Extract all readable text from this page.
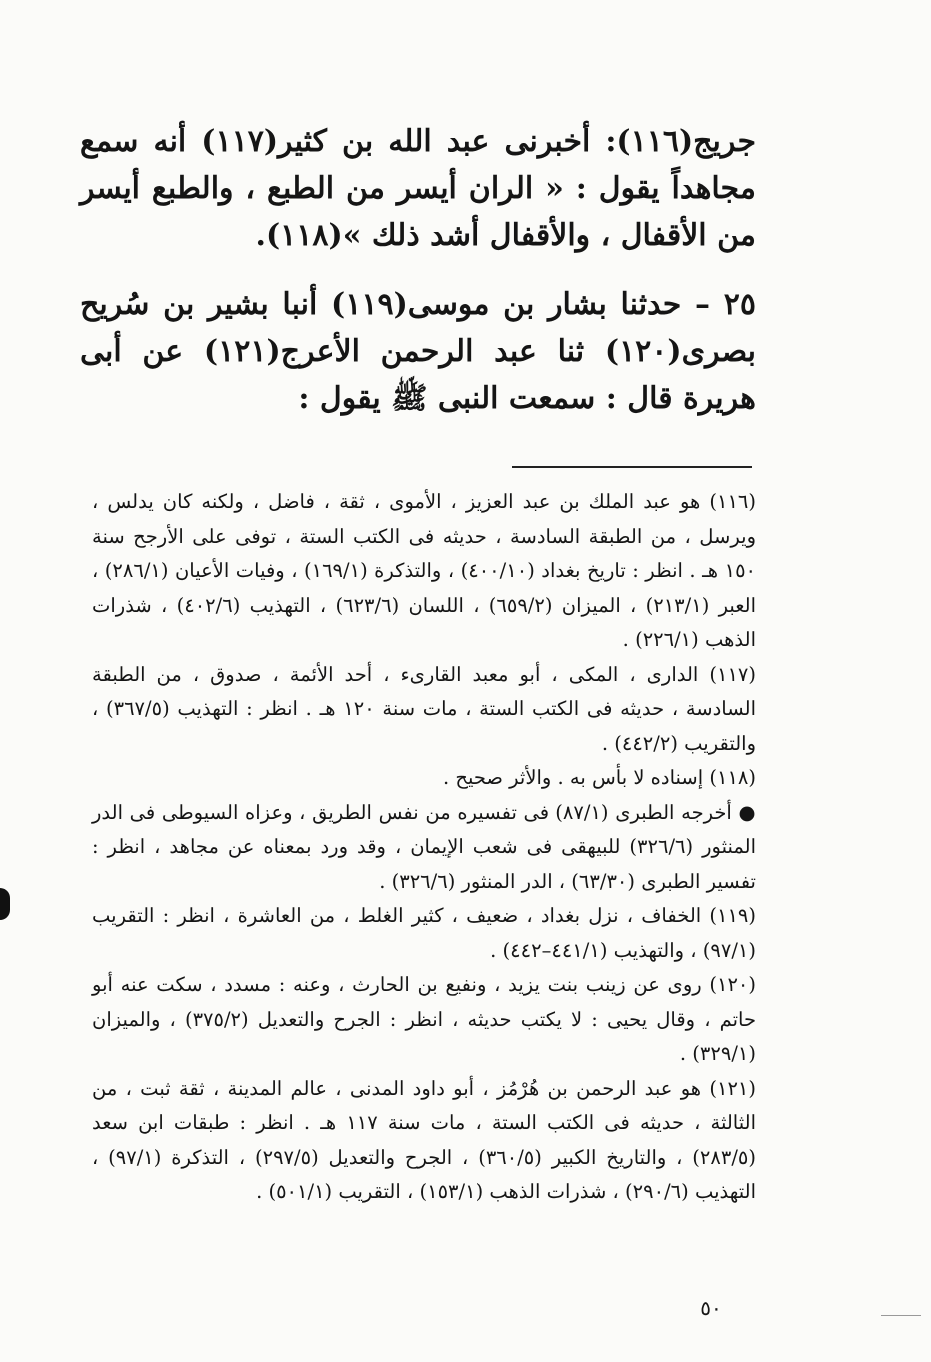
جريج(١١٦): أخبرنى عبد الله بن كثير(١١٧) أنه سمع مجاهداً يقول : « الران أيسر من الطبع ، والطبع أيسر من الأقفال ، والأقفال أشد ذلك »(١١٨).

٢٥ – حدثنا بشار بن موسى(١١٩) أنبا بشير بن سُريح بصرى(١٢٠) ثنا عبد الرحمن الأعرج(١٢١) عن أبى هريرة قال : سمعت النبى ﷺ يقول :

(١١٦) هو عبد الملك بن عبد العزيز ، الأموى ، ثقة ، فاضل ، ولكنه كان يدلس ، ويرسل ، من الطبقة السادسة ، حديثه فى الكتب الستة ، توفى على الأرجح سنة ١٥٠ هـ . انظر : تاريخ بغداد (٤٠٠/١٠) ، والتذكرة (١٦٩/١) ، وفيات الأعيان (٢٨٦/١) ، العبر (٢١٣/١) ، الميزان (٦٥٩/٢) ، اللسان (٦٢٣/٦) ، التهذيب (٤٠٢/٦) ، شذرات الذهب (٢٢٦/١) .

(١١٧) الدارى ، المكى ، أبو معبد القارىء ، أحد الأئمة ، صدوق ، من الطبقة السادسة ، حديثه فى الكتب الستة ، مات سنة ١٢٠ هـ . انظر : التهذيب (٣٦٧/٥) ، والتقريب (٤٤٢/٢) .

(١١٨) إسناده لا بأس به . والأثر صحيح .

● أخرجه الطبرى (٨٧/١) فى تفسيره من نفس الطريق ، وعزاه السيوطى فى الدر المنثور (٣٢٦/٦) للبيهقى فى شعب الإيمان ، وقد ورد بمعناه عن مجاهد ، انظر : تفسير الطبرى (٦٣/٣٠) ، الدر المنثور (٣٢٦/٦) .

(١١٩) الخفاف ، نزل بغداد ، ضعيف ، كثير الغلط ، من العاشرة ، انظر : التقريب (٩٧/١) ، والتهذيب (٤٤١/١–٤٤٢) .

(١٢٠) روى عن زينب بنت يزيد ، ونفيع بن الحارث ، وعنه : مسدد ، سكت عنه أبو حاتم ، وقال يحيى : لا يكتب حديثه ، انظر : الجرح والتعديل (٣٧٥/٢) ، والميزان (٣٢٩/١) .

(١٢١) هو عبد الرحمن بن هُرْمُز ، أبو داود المدنى ، عالم المدينة ، ثقة ثبت ، من الثالثة ، حديثه فى الكتب الستة ، مات سنة ١١٧ هـ . انظر : طبقات ابن سعد (٢٨٣/٥) ، والتاريخ الكبير (٣٦٠/٥) ، الجرح والتعديل (٢٩٧/٥) ، التذكرة (٩٧/١) ، التهذيب (٢٩٠/٦) ، شذرات الذهب (١٥٣/١) ، التقريب (٥٠١/١) .

٥٠
